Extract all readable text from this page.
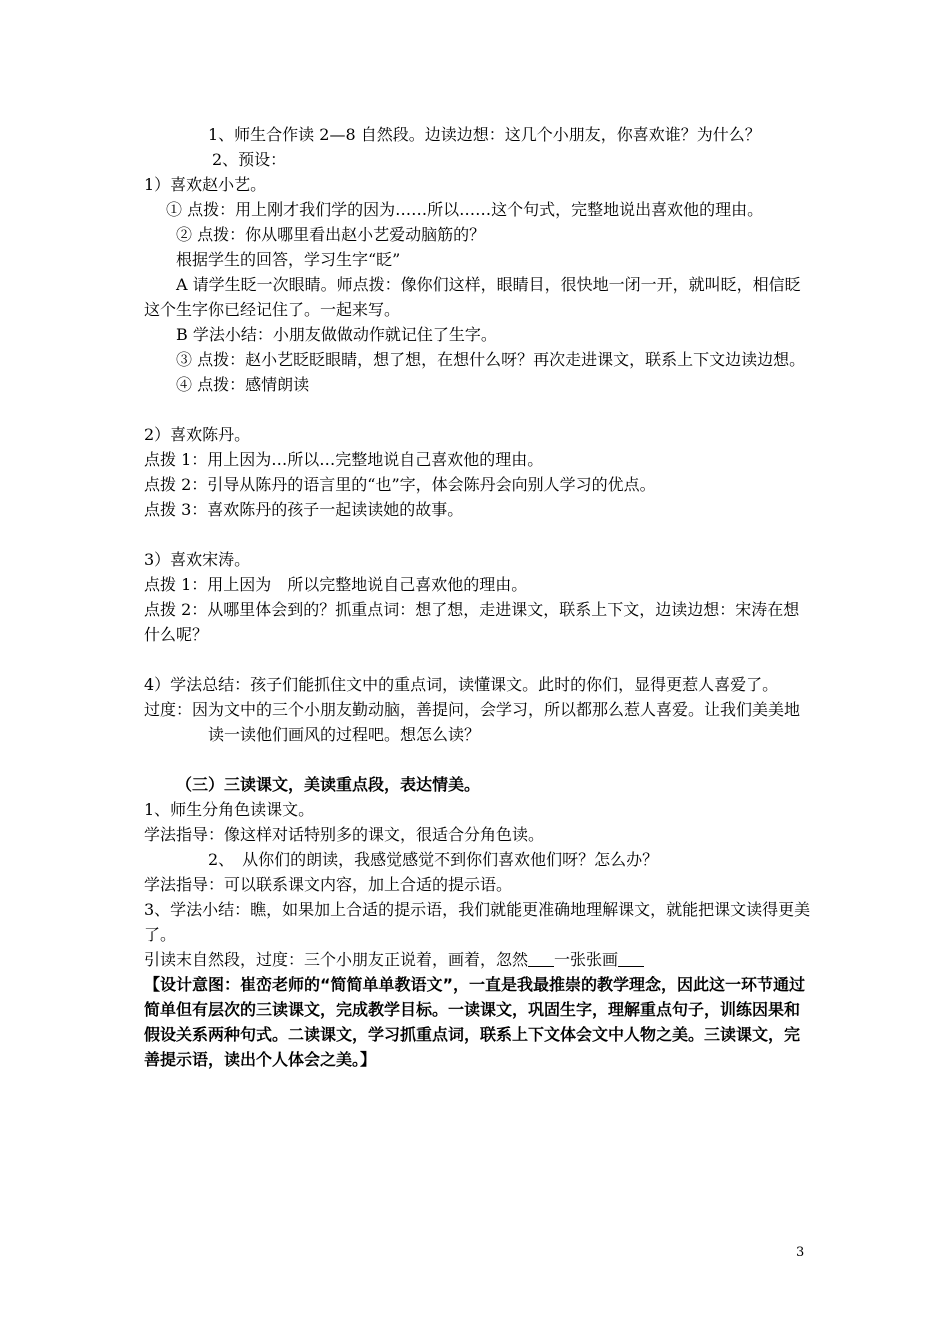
1、师生合作读 2—8 自然段。边读边想：这几个小朋友，你喜欢谁？为什么？

2、预设：

1）喜欢赵小艺。

① 点拨：用上刚才我们学的因为……所以……这个句式，完整地说出喜欢他的理由。

② 点拨：你从哪里看出赵小艺爱动脑筋的？

根据学生的回答，学习生字“眨”

A 请学生眨一次眼睛。师点拨：像你们这样，眼睛目，很快地一闭一开，就叫眨，相信眨这个生字你已经记住了。一起来写。

B 学法小结：小朋友做做动作就记住了生字。

③ 点拨：赵小艺眨眨眼睛，想了想，在想什么呀？再次走进课文，联系上下文边读边想。

④ 点拨：感情朗读

2）喜欢陈丹。

点拨 1：用上因为…所以…完整地说自己喜欢他的理由。

点拨 2：引导从陈丹的语言里的“也”字，体会陈丹会向别人学习的优点。

点拨 3：喜欢陈丹的孩子一起读读她的故事。

3）喜欢宋涛。

点拨 1：用上因为　所以完整地说自己喜欢他的理由。

点拨 2：从哪里体会到的？抓重点词：想了想，走进课文，联系上下文，边读边想：宋涛在想什么呢？

4）学法总结：孩子们能抓住文中的重点词，读懂课文。此时的你们，显得更惹人喜爱了。

过度：因为文中的三个小朋友勤动脑，善提问，会学习，所以都那么惹人喜爱。让我们美美地读一读他们画风的过程吧。想怎么读？

（三）三读课文，美读重点段，表达情美。

1、师生分角色读课文。

学法指导：像这样对话特别多的课文，很适合分角色读。

2、　从你们的朗读，我感觉感觉不到你们喜欢他们呀？怎么办？

学法指导：可以联系课文内容，加上合适的提示语。

3、学法小结：瞧，如果加上合适的提示语，我们就能更准确地理解课文，就能把课文读得更美了。

引读末自然段，过度：三个小朋友正说着，画着，忽然 一张张画

【设计意图：崔峦老师的“简简单单教语文”，一直是我最推崇的教学理念，因此这一环节通过简单但有层次的三读课文，完成教学目标。一读课文，巩固生字，理解重点句子，训练因果和假设关系两种句式。二读课文，学习抓重点词，联系上下文体会文中人物之美。三读课文，完善提示语，读出个人体会之美。】

3
